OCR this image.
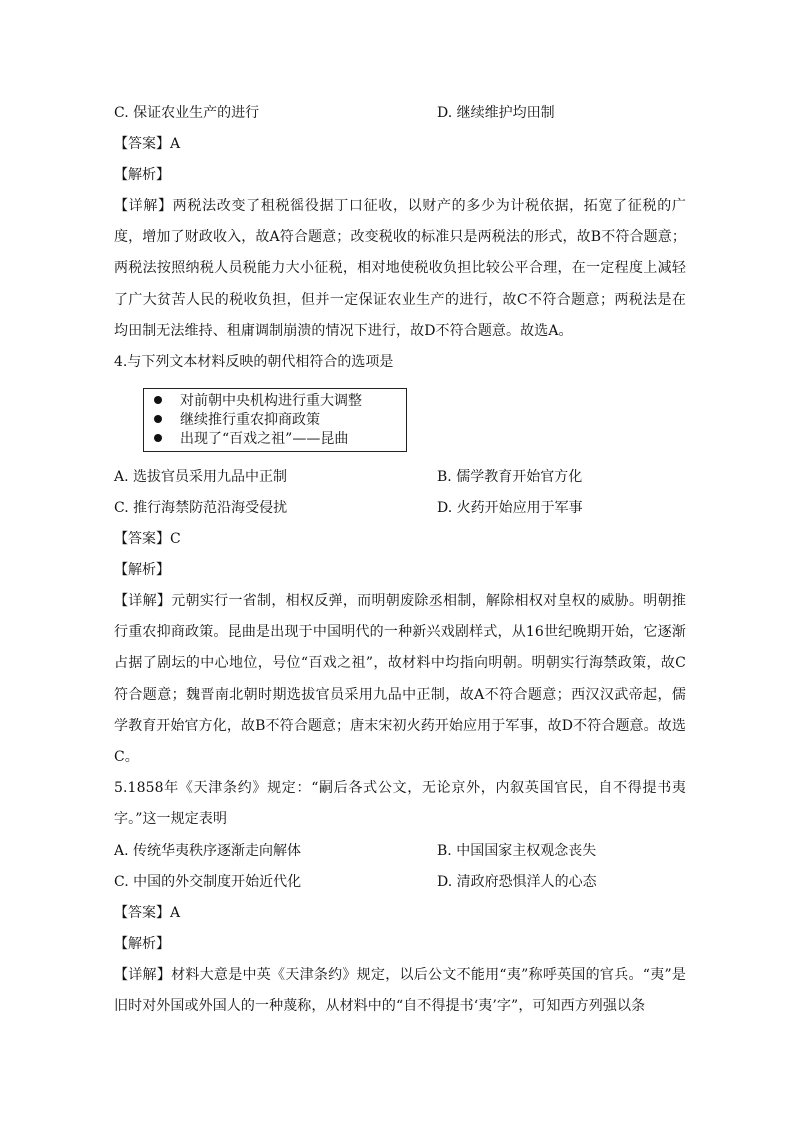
C. 保证农业生产的进行	D. 继续维护均田制
【答案】A
【解析】
【详解】两税法改变了租税徭役据丁口征收，以财产的多少为计税依据，拓宽了征税的广度，增加了财政收入，故A符合题意；改变税收的标准只是两税法的形式，故B不符合题意；两税法按照纳税人员税能力大小征税，相对地使税收负担比较公平合理，在一定程度上减轻了广大贫苦人民的税收负担，但并一定保证农业生产的进行，故C不符合题意；两税法是在均田制无法维持、租庸调制崩溃的情况下进行，故D不符合题意。故选A。
4.与下列文本材料反映的朝代相符合的选项是
对前朝中央机构进行重大调整
继续推行重农抑商政策
出现了“百戏之祖”——昆曲
A. 选拔官员采用九品中正制	B. 儒学教育开始官方化
C. 推行海禁防范沿海受侵扰	D. 火药开始应用于军事
【答案】C
【解析】
【详解】元朝实行一省制，相权反弹，而明朝废除丞相制，解除相权对皇权的威胁。明朝推行重农抑商政策。昆曲是出现于中国明代的一种新兴戏剧样式，从16世纪晚期开始，它逐渐占据了剧坛的中心地位，号位“百戏之祖”，故材料中均指向明朝。明朝实行海禁政策，故C符合题意；魏晋南北朝时期选拔官员采用九品中正制，故A不符合题意；西汉汉武帝起，儒学教育开始官方化，故B不符合题意；唐末宋初火药开始应用于军事，故D不符合题意。故选C。
5.1858年《天津条约》规定：“嗣后各式公文，无论京外，内叙英国官民，自不得提书夷字。”这一规定表明
A. 传统华夷秩序逐渐走向解体	B. 中国国家主权观念丧失
C. 中国的外交制度开始近代化	D. 清政府恐惧洋人的心态
【答案】A
【解析】
【详解】材料大意是中英《天津条约》规定，以后公文不能用“夷”称呼英国的官兵。“夷”是旧时对外国或外国人的一种蔑称，从材料中的“自不得提书‘夷’字”，可知西方列强以条
